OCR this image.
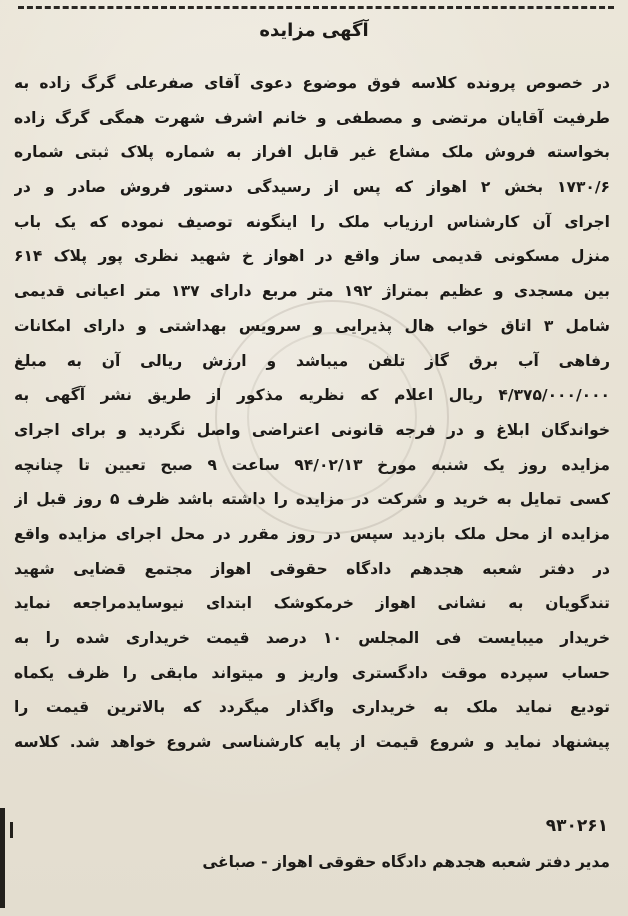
آگهی مزایده
در خصوص پرونده کلاسه فوق موضوع دعوی آقای صفرعلی گرگ زاده به
طرفیت آقایان مرتضی و مصطفی و خانم اشرف شهرت همگی گرگ زاده
بخواسته فروش ملک مشاع غیر قابل افراز به شماره پلاک ثبتی شماره
۱۷۳۰/۶ بخش ۲ اهواز که پس از رسیدگی دستور فروش صادر و در
اجرای آن کارشناس ارزیاب ملک را اینگونه توصیف نموده که یک باب
منزل مسکونی قدیمی ساز واقع در اهواز خ شهید نظری پور پلاک ۶۱۴
بین مسجدی و عظیم بمتراژ ۱۹۲ متر مربع دارای ۱۳۷ متر اعیانی قدیمی
شامل ۳ اتاق خواب هال پذیرایی و سرویس بهداشتی و دارای امکانات
رفاهی آب برق گاز تلفن میباشد و ارزش ریالی آن به مبلغ
۴/۳۷۵/۰۰۰/۰۰۰ ریال اعلام که نظریه مذکور از طریق نشر آگهی به
خواندگان ابلاغ و در فرجه قانونی اعتراضی واصل نگردید و برای اجرای
مزایده روز یک شنبه مورخ ۹۴/۰۲/۱۳ ساعت ۹ صبح تعیین تا چنانچه
کسی تمایل به خرید و شرکت در مزایده را داشته باشد ظرف ۵ روز قبل از
مزایده از محل ملک بازدید سپس در روز مقرر در محل اجرای مزایده واقع
در دفتر شعبه هجدهم دادگاه حقوقی اهواز مجتمع قضایی شهید
تندگویان به نشانی اهواز خرمکوشک ابتدای نیوسایدمراجعه نماید
خریدار میبایست فی المجلس ۱۰ درصد قیمت خریداری شده را به
حساب سپرده موقت دادگستری واریز و میتواند مابقی را ظرف یکماه
تودیع نماید ملک به خریداری واگذار میگردد که بالاترین قیمت را
پیشنهاد نماید و شروع قیمت از پایه کارشناسی شروع خواهد شد. کلاسه
۹۳۰۲۶۱
مدیر دفتر شعبه هجدهم دادگاه حقوقی اهواز - صباغی
